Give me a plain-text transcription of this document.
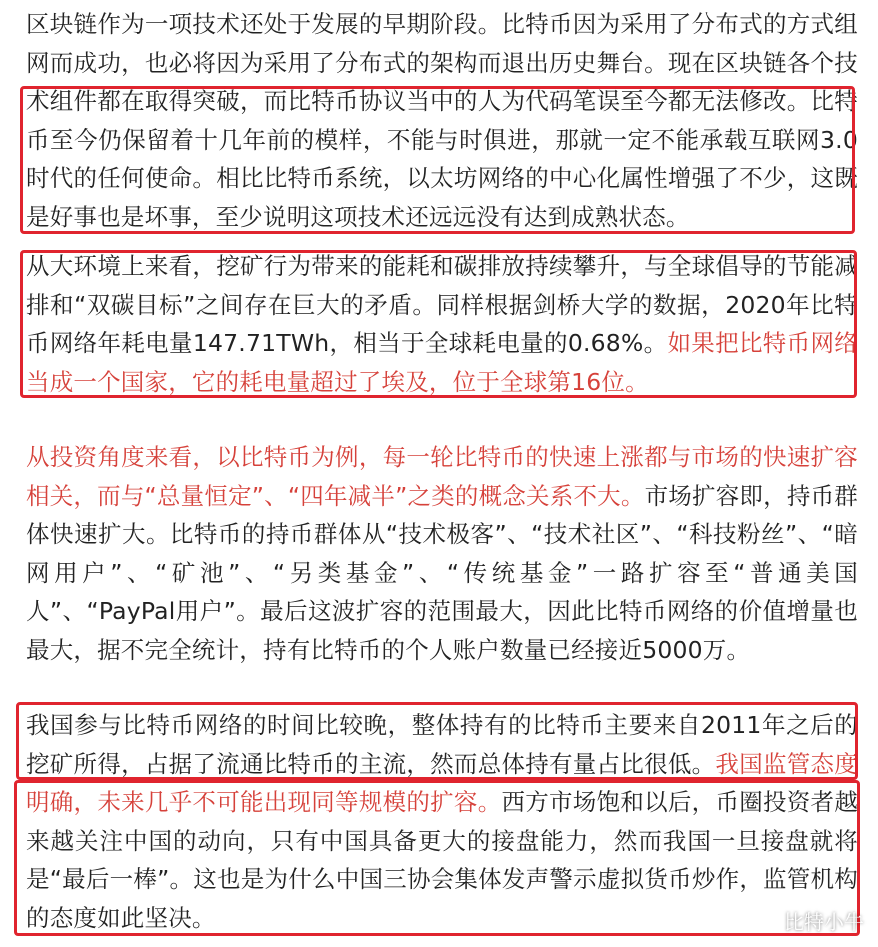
区块链作为一项技术还处于发展的早期阶段。比特币因为采用了分布式的方式组网而成功，也必将因为采用了分布式的架构而退出历史舞台。现在区块链各个技术组件都在取得突破，而比特币协议当中的人为代码笔误至今都无法修改。比特币至今仍保留着十几年前的模样，不能与时俱进，那就一定不能承载互联网3.0时代的任何使命。相比比特币系统，以太坊网络的中心化属性增强了不少，这既是好事也是坏事，至少说明这项技术还远远没有达到成熟状态。

从大环境上来看，挖矿行为带来的能耗和碳排放持续攀升，与全球倡导的节能减排和“双碳目标”之间存在巨大的矛盾。同样根据剑桥大学的数据，2020年比特币网络年耗电量147.71TWh，相当于全球耗电量的0.68%。如果把比特币网络当成一个国家，它的耗电量超过了埃及，位于全球第16位。

从投资角度来看，以比特币为例，每一轮比特币的快速上涨都与市场的快速扩容相关，而与“总量恒定”、“四年减半”之类的概念关系不大。市场扩容即，持币群体快速扩大。比特币的持币群体从“技术极客”、“技术社区”、“科技粉丝”、“暗网用户”、“矿池”、“另类基金”、“传统基金”一路扩容至“普通美国人”、“PayPal用户”。最后这波扩容的范围最大，因此比特币网络的价值增量也最大，据不完全统计，持有比特币的个人账户数量已经接近5000万。

我国参与比特币网络的时间比较晚，整体持有的比特币主要来自2011年之后的挖矿所得，占据了流通比特币的主流，然而总体持有量占比很低。我国监管态度明确，未来几乎不可能出现同等规模的扩容。西方市场饱和以后，币圈投资者越来越关注中国的动向，只有中国具备更大的接盘能力，然而我国一旦接盘就将是“最后一棒”。这也是为什么中国三协会集体发声警示虚拟货币炒作，监管机构的态度如此坚决。	比特小牛
